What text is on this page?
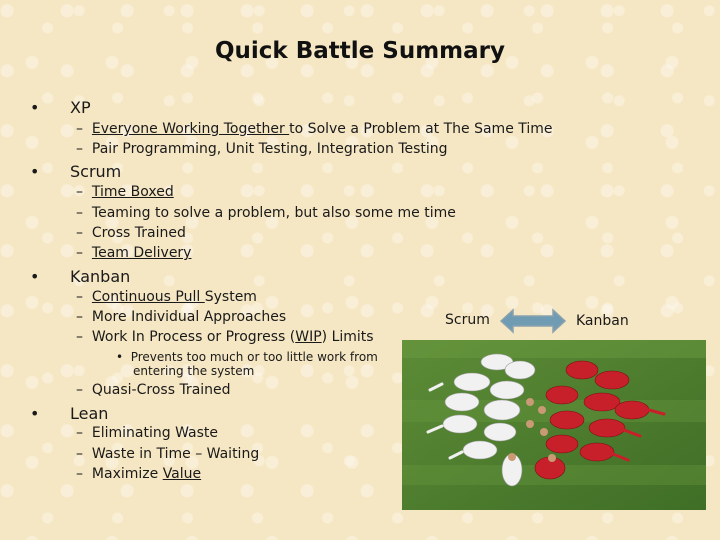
Quick Battle Summary
• XP
– Everyone Working Together to Solve a Problem at The Same Time
– Pair Programming, Unit Testing, Integration Testing
• Scrum
– Time Boxed
– Teaming to solve a problem, but also some me time
– Cross Trained
– Team Delivery
• Kanban
– Continuous Pull System
– More Individual Approaches
– Work In Process or Progress (WIP) Limits
• Prevents too much or too little work from
entering the system
– Quasi-Cross Trained
• Lean
– Eliminating Waste
– Waste in Time – Waiting
– Maximize Value
Scrum	Kanban
